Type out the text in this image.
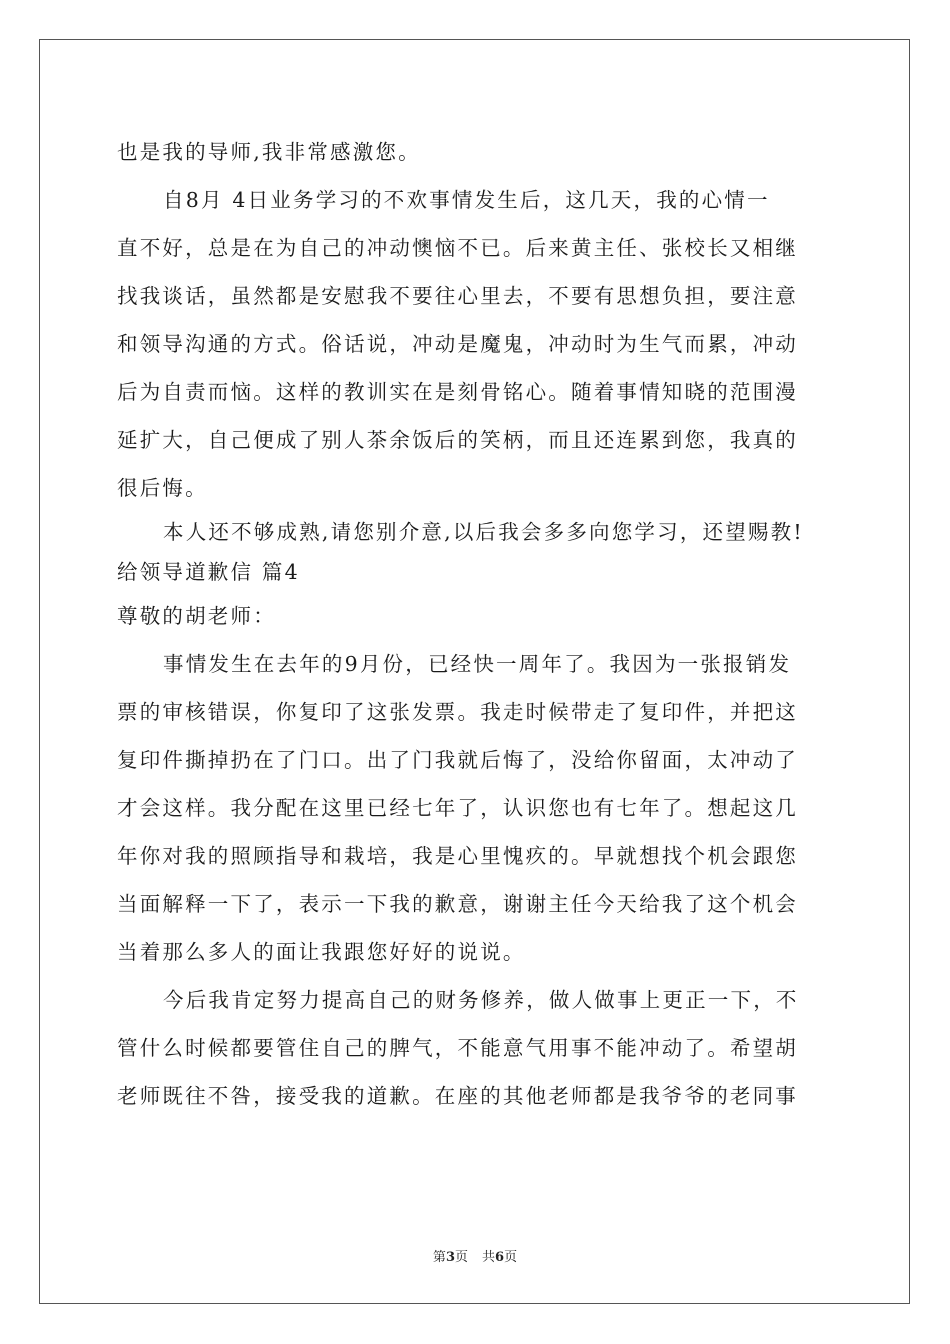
也是我的导师,我非常感激您。
自8月 4日业务学习的不欢事情发生后，这几天，我的心情一
直不好，总是在为自己的冲动懊恼不已。后来黄主任、张校长又相继
找我谈话，虽然都是安慰我不要往心里去，不要有思想负担，要注意
和领导沟通的方式。俗话说，冲动是魔鬼，冲动时为生气而累，冲动
后为自责而恼。这样的教训实在是刻骨铭心。随着事情知晓的范围漫
延扩大，自己便成了别人茶余饭后的笑柄，而且还连累到您，我真的
很后悔。
本人还不够成熟,请您别介意,以后我会多多向您学习，还望赐教!
给领导道歉信 篇4
尊敬的胡老师：
事情发生在去年的9月份，已经快一周年了。我因为一张报销发
票的审核错误，你复印了这张发票。我走时候带走了复印件，并把这
复印件撕掉扔在了门口。出了门我就后悔了，没给你留面，太冲动了
才会这样。我分配在这里已经七年了，认识您也有七年了。想起这几
年你对我的照顾指导和栽培，我是心里愧疚的。早就想找个机会跟您
当面解释一下了，表示一下我的歉意，谢谢主任今天给我了这个机会
当着那么多人的面让我跟您好好的说说。
今后我肯定努力提高自己的财务修养，做人做事上更正一下，不
管什么时候都要管住自己的脾气，不能意气用事不能冲动了。希望胡
老师既往不咎，接受我的道歉。在座的其他老师都是我爷爷的老同事
第3页 共6页
